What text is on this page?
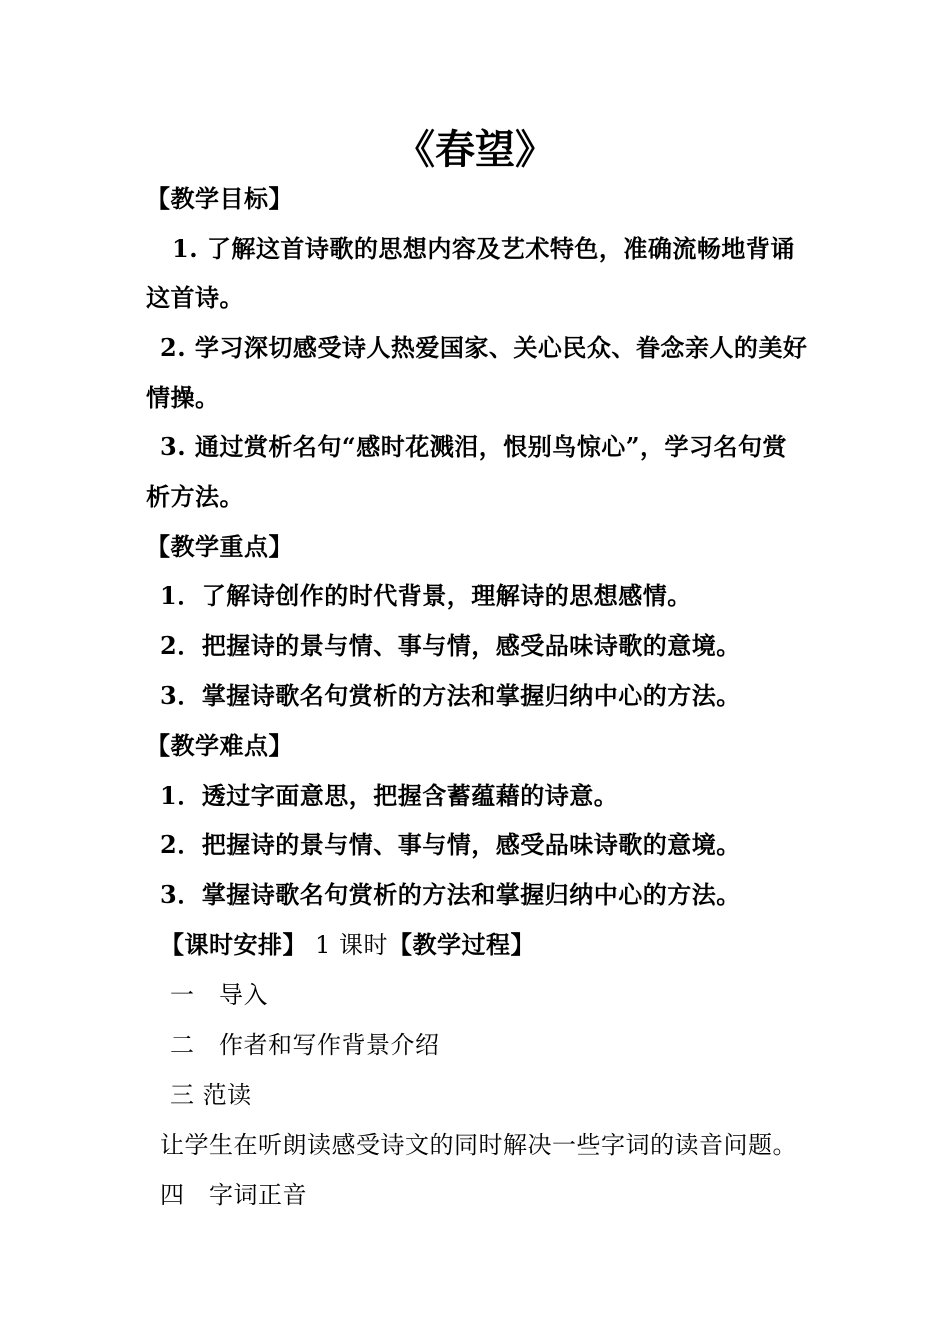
《春望》
【教学目标】
1. 了解这首诗歌的思想内容及艺术特色，准确流畅地背诵
这首诗。
2. 学习深切感受诗人热爱国家、关心民众、眷念亲人的美好
情操。
3. 通过赏析名句“感时花溅泪，恨别鸟惊心”，学习名句赏
析方法。
【教学重点】
1．了解诗创作的时代背景，理解诗的思想感情。
2．把握诗的景与情、事与情，感受品味诗歌的意境。
3．掌握诗歌名句赏析的方法和掌握归纳中心的方法。
【教学难点】
1．透过字面意思，把握含蓄蕴藉的诗意。
2．把握诗的景与情、事与情，感受品味诗歌的意境。
3．掌握诗歌名句赏析的方法和掌握归纳中心的方法。
【课时安排】 1 课时【教学过程】
一　导入
二　作者和写作背景介绍
三 范读
让学生在听朗读感受诗文的同时解决一些字词的读音问题。
四　字词正音
